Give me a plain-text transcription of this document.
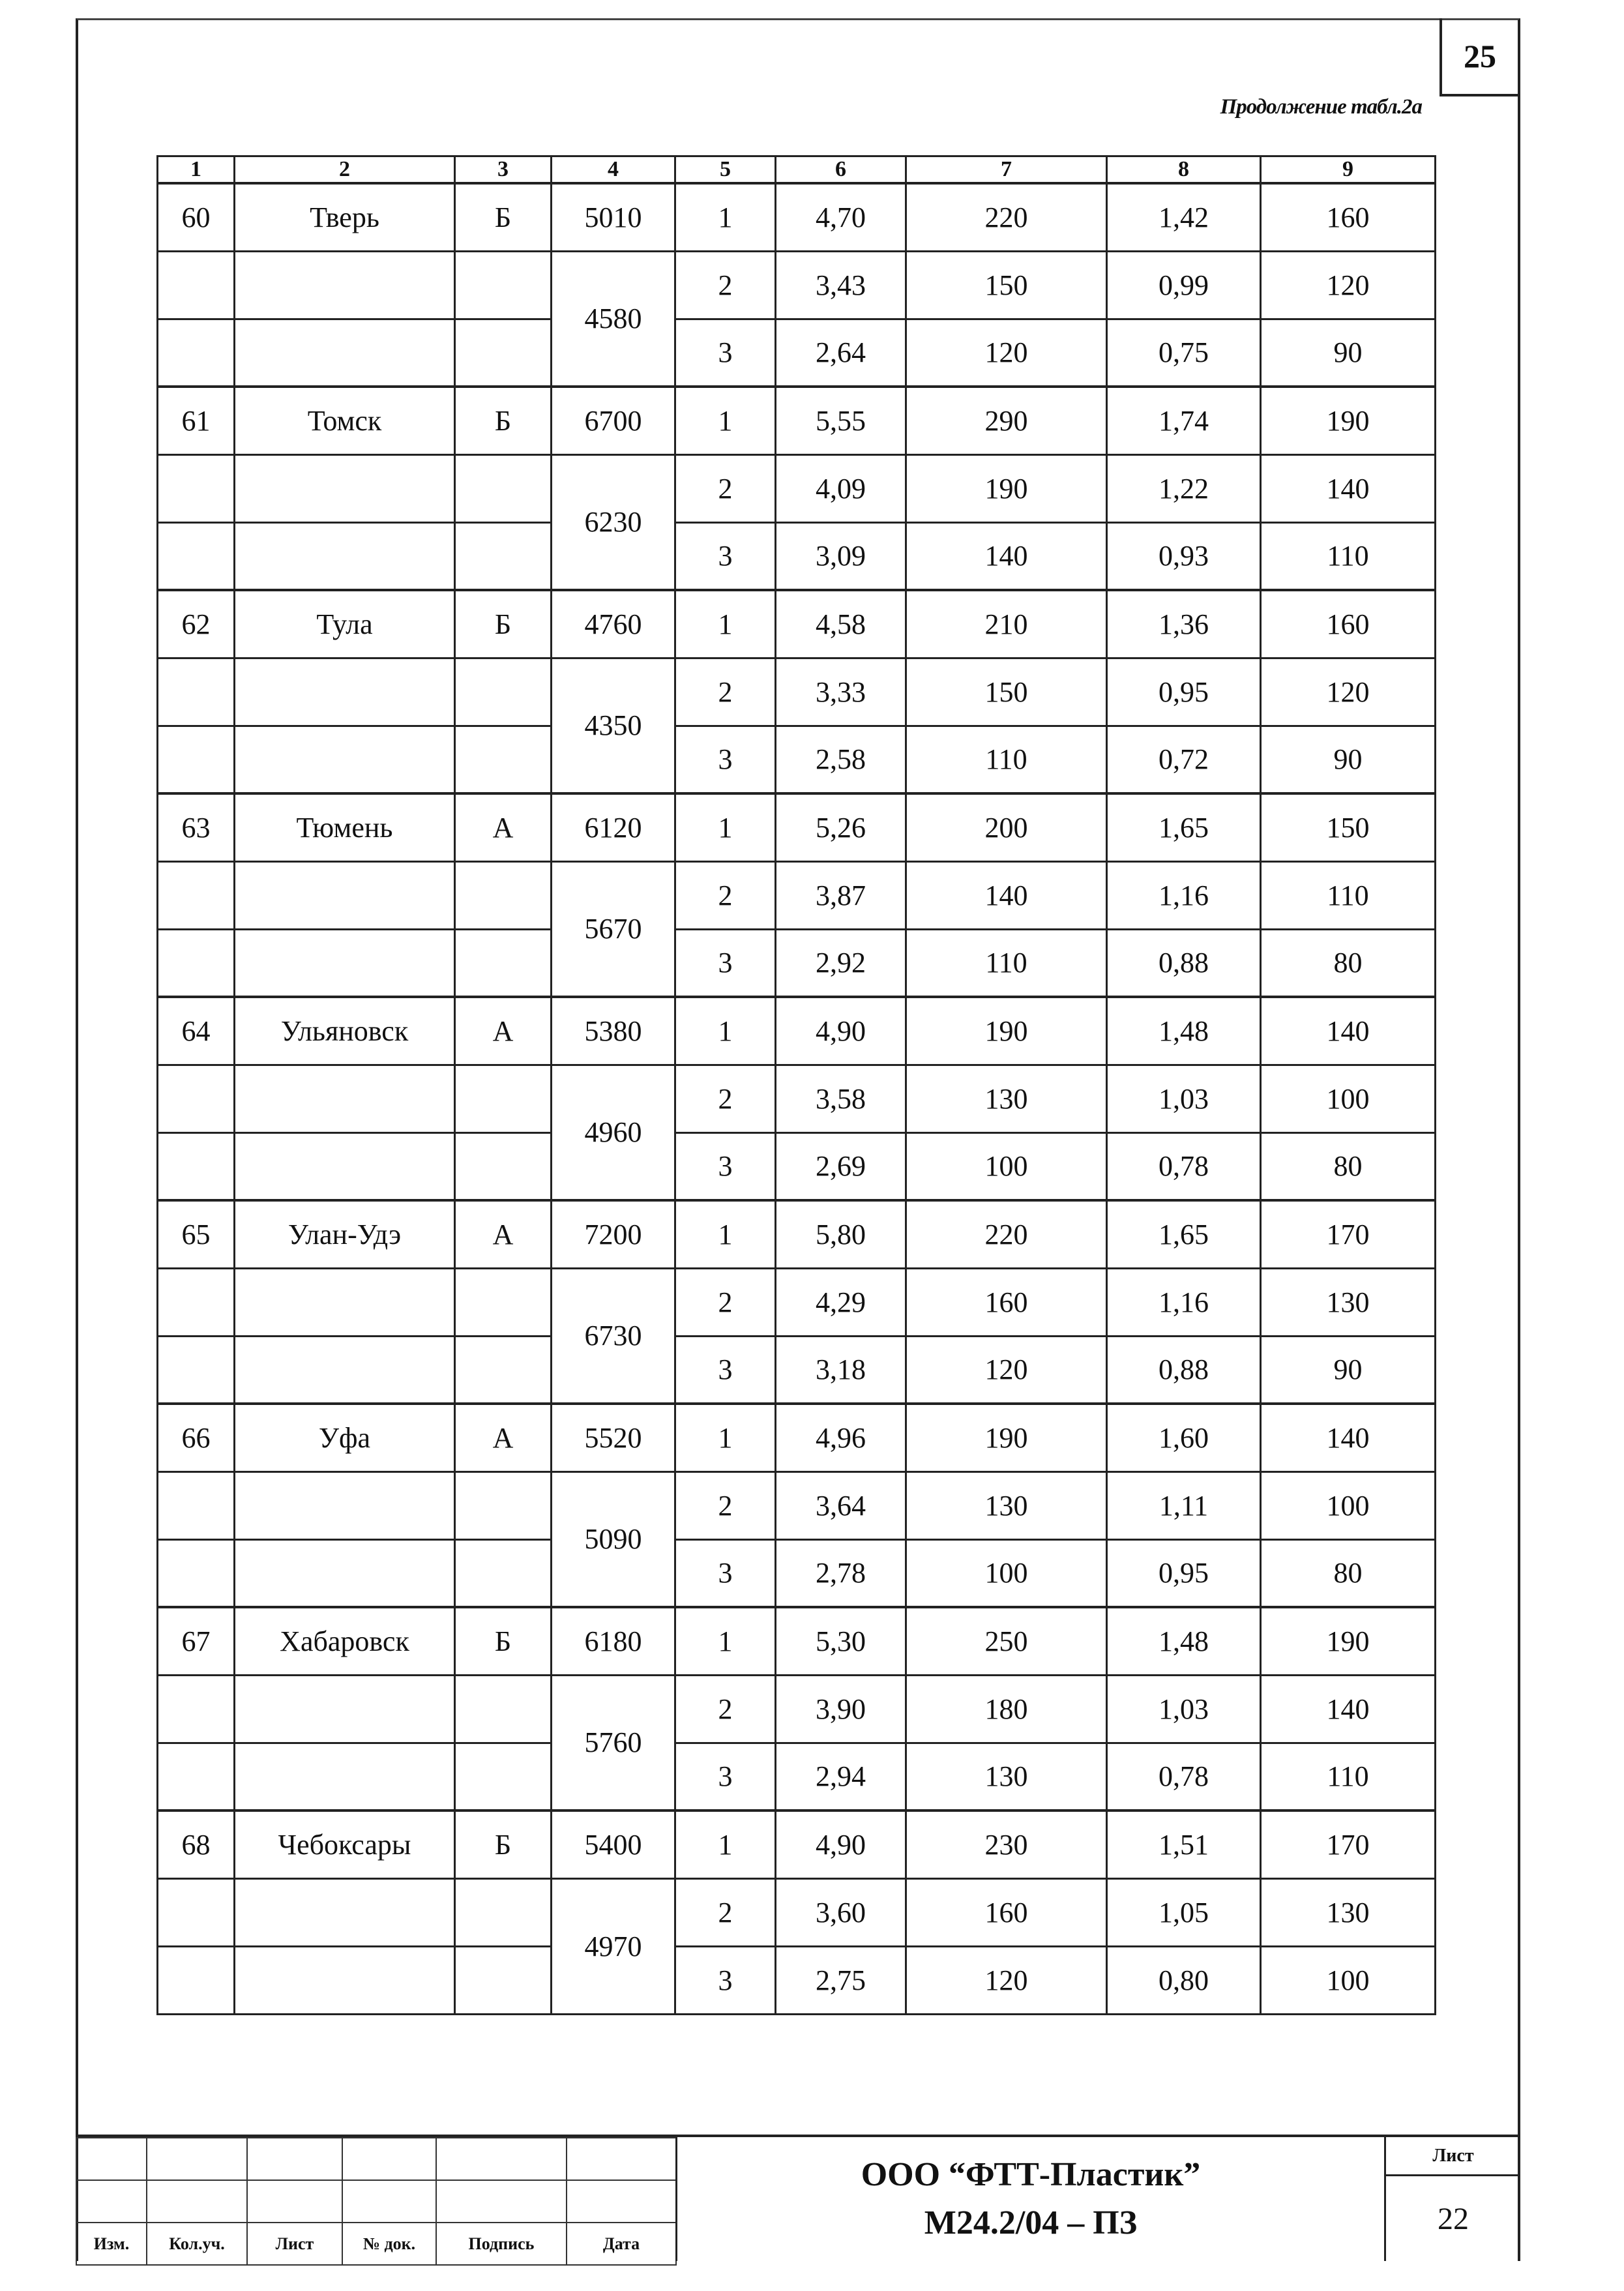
25
Продолжение табл.2а
1	2	3	4	5	6	7	8	9
60	Тверь	Б	5010	1	4,70	220	1,42	160
			4580	2	3,43	150	0,99	120
				3	2,64	120	0,75	90
61	Томск	Б	6700	1	5,55	290	1,74	190
			6230	2	4,09	190	1,22	140
				3	3,09	140	0,93	110
62	Тула	Б	4760	1	4,58	210	1,36	160
			4350	2	3,33	150	0,95	120
				3	2,58	110	0,72	90
63	Тюмень	А	6120	1	5,26	200	1,65	150
			5670	2	3,87	140	1,16	110
				3	2,92	110	0,88	80
64	Ульяновск	А	5380	1	4,90	190	1,48	140
			4960	2	3,58	130	1,03	100
				3	2,69	100	0,78	80
65	Улан-Удэ	А	7200	1	5,80	220	1,65	170
			6730	2	4,29	160	1,16	130
				3	3,18	120	0,88	90
66	Уфа	А	5520	1	4,96	190	1,60	140
			5090	2	3,64	130	1,11	100
				3	2,78	100	0,95	80
67	Хабаровск	Б	6180	1	5,30	250	1,48	190
			5760	2	3,90	180	1,03	140
				3	2,94	130	0,78	110
68	Чебоксары	Б	5400	1	4,90	230	1,51	170
			4970	2	3,60	160	1,05	130
				3	2,75	120	0,80	100

Изм.	Кол.уч.	Лист	№ док.	Подпись	Дата
ООО “ФТТ-Пластик”
М24.2/04 – ПЗ
Лист
22
